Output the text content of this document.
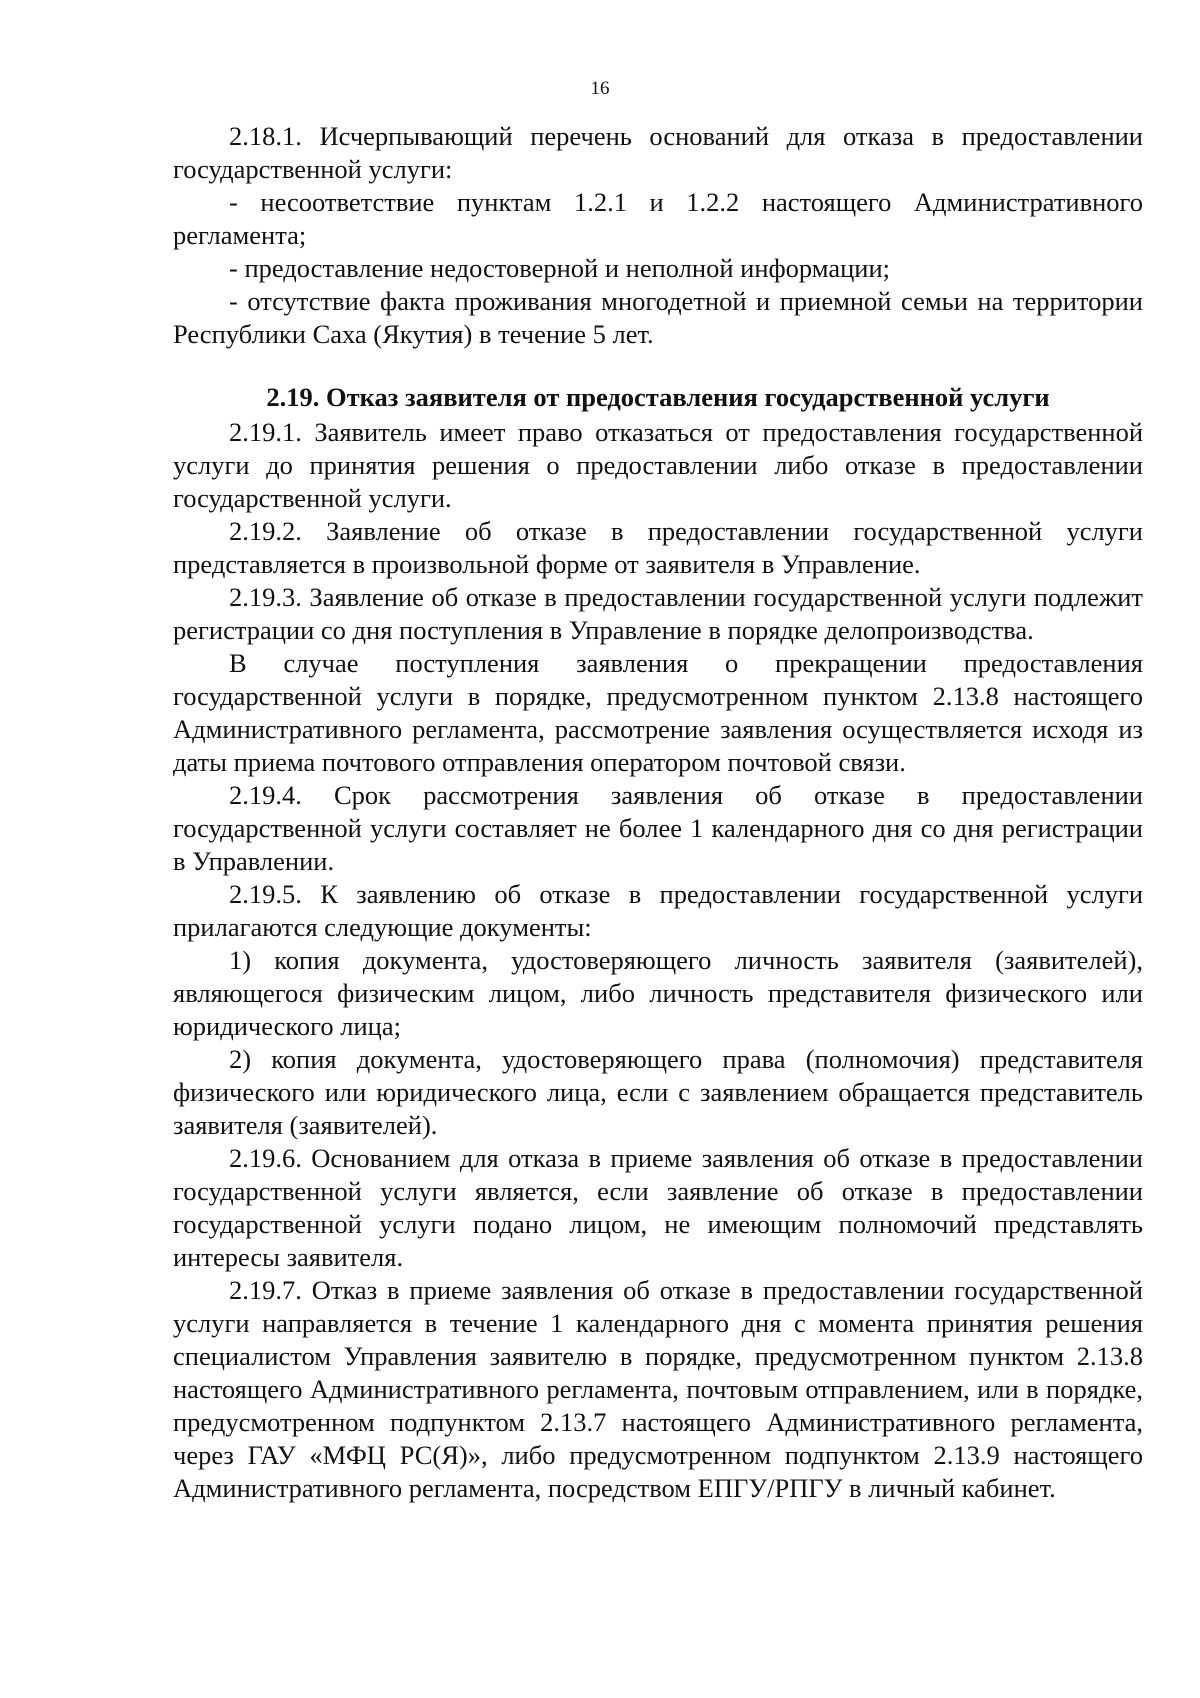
16

2.18.1. Исчерпывающий перечень оснований для отказа в предоставлении государственной услуги:

- несоответствие пунктам 1.2.1 и 1.2.2 настоящего Административного регламента;

- предоставление недостоверной и неполной информации;

- отсутствие факта проживания многодетной и приемной семьи на территории Республики Саха (Якутия) в течение 5 лет.

2.19. Отказ заявителя от предоставления государственной услуги

2.19.1. Заявитель имеет право отказаться от предоставления государственной услуги до принятия решения о предоставлении либо отказе в предоставлении государственной услуги.

2.19.2. Заявление об отказе в предоставлении государственной услуги представляется в произвольной форме от заявителя в Управление.

2.19.3. Заявление об отказе в предоставлении государственной услуги подлежит регистрации со дня поступления в Управление в порядке делопроизводства.

В случае поступления заявления о прекращении предоставления государственной услуги в порядке, предусмотренном пунктом 2.13.8 настоящего Административного регламента, рассмотрение заявления осуществляется исходя из даты приема почтового отправления оператором почтовой связи.

2.19.4. Срок рассмотрения заявления об отказе в предоставлении государственной услуги составляет не более 1 календарного дня со дня регистрации в Управлении.

2.19.5. К заявлению об отказе в предоставлении государственной услуги прилагаются следующие документы:

1) копия документа, удостоверяющего личность заявителя (заявителей), являющегося физическим лицом, либо личность представителя физического или юридического лица;

2) копия документа, удостоверяющего права (полномочия) представителя физического или юридического лица, если с заявлением обращается представитель заявителя (заявителей).

2.19.6. Основанием для отказа в приеме заявления об отказе в предоставлении государственной услуги является, если заявление об отказе в предоставлении государственной услуги подано лицом, не имеющим полномочий представлять интересы заявителя.

2.19.7. Отказ в приеме заявления об отказе в предоставлении государственной услуги направляется в течение 1 календарного дня с момента принятия решения специалистом Управления заявителю в порядке, предусмотренном пунктом 2.13.8 настоящего Административного регламента, почтовым отправлением, или в порядке, предусмотренном подпунктом 2.13.7 настоящего Административного регламента, через ГАУ «МФЦ РС(Я)», либо предусмотренном подпунктом 2.13.9 настоящего Административного регламента, посредством ЕПГУ/РПГУ в личный кабинет.
